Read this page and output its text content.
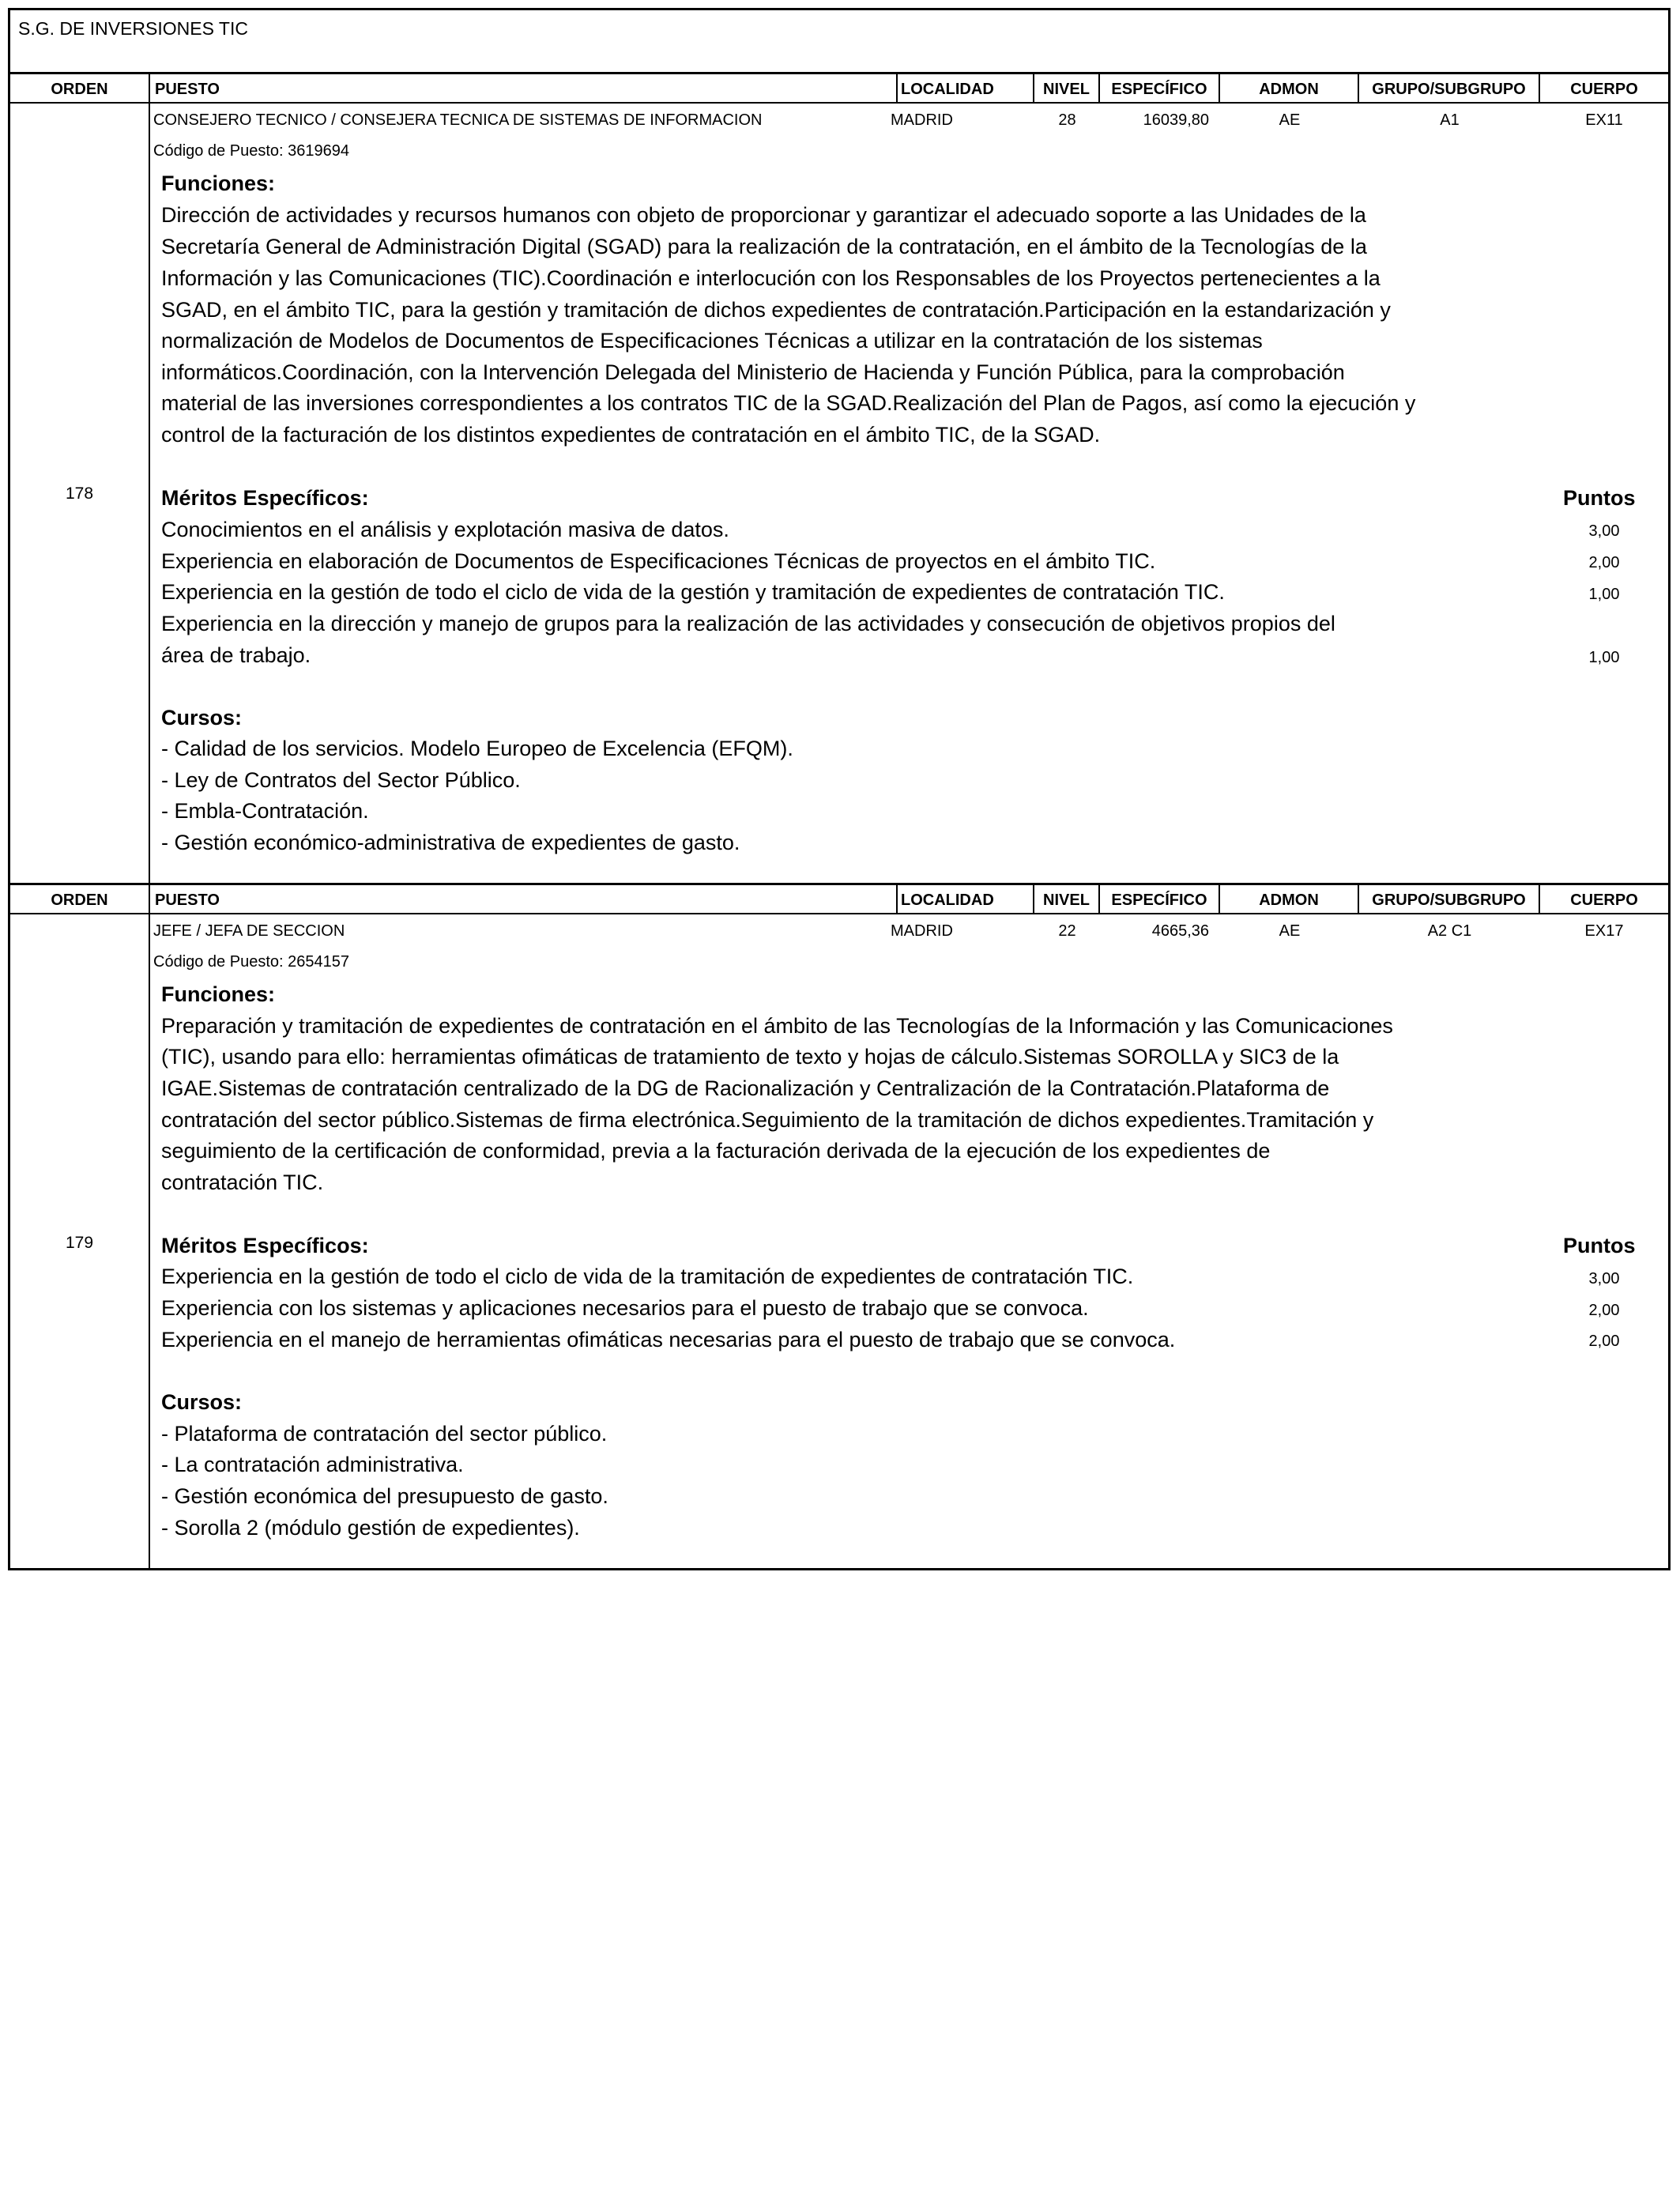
S.G. DE INVERSIONES TIC
ORDEN	PUESTO	LOCALIDAD	NIVEL	ESPECÍFICO	ADMON	GRUPO/SUBGRUPO	CUERPO
178
CONSEJERO TECNICO / CONSEJERA TECNICA DE SISTEMAS DE INFORMACION	MADRID	28	16039,80	AE	A1	EX11
Código de Puesto: 3619694
Funciones:
Dirección de actividades y recursos humanos con objeto de proporcionar y garantizar el adecuado soporte a las Unidades de la
Secretaría General de Administración Digital (SGAD) para la realización de la contratación, en el ámbito de la Tecnologías de la
Información y las Comunicaciones (TIC).Coordinación e interlocución con los Responsables de los Proyectos pertenecientes a la
SGAD, en el ámbito TIC, para la gestión y tramitación de dichos expedientes de contratación.Participación en la estandarización y
normalización de Modelos de Documentos de Especificaciones Técnicas a utilizar en la contratación de los sistemas
informáticos.Coordinación, con la Intervención Delegada del Ministerio de Hacienda y Función Pública, para la comprobación
material de las inversiones correspondientes a los contratos TIC de la SGAD.Realización del Plan de Pagos, así como la ejecución y
control de la facturación de los distintos expedientes de contratación en el ámbito TIC, de la SGAD.
Méritos Específicos:	Puntos
Conocimientos en el análisis y explotación masiva de datos.	3,00
Experiencia en elaboración de Documentos de Especificaciones Técnicas de proyectos en el ámbito TIC.	2,00
Experiencia en la gestión de todo el ciclo de vida de la gestión y tramitación de expedientes de contratación TIC.	1,00
Experiencia en la dirección y manejo de grupos para la realización de las actividades y consecución de objetivos propios del
área de trabajo.	1,00
Cursos:
- Calidad de los servicios. Modelo Europeo de Excelencia (EFQM).
- Ley de Contratos del Sector Público.
- Embla-Contratación.
- Gestión económico-administrativa de expedientes de gasto.
ORDEN	PUESTO	LOCALIDAD	NIVEL	ESPECÍFICO	ADMON	GRUPO/SUBGRUPO	CUERPO
179
JEFE / JEFA DE SECCION	MADRID	22	4665,36	AE	A2 C1	EX17
Código de Puesto: 2654157
Funciones:
Preparación y tramitación de expedientes de contratación en el ámbito de las Tecnologías de la Información y las Comunicaciones
(TIC), usando para ello: herramientas ofimáticas de tratamiento de texto y hojas de cálculo.Sistemas SOROLLA y SIC3 de la
IGAE.Sistemas de contratación centralizado de la DG de Racionalización y Centralización de la Contratación.Plataforma de
contratación del sector público.Sistemas de firma electrónica.Seguimiento de la tramitación de dichos expedientes.Tramitación y
seguimiento de la certificación de conformidad, previa a la facturación derivada de la ejecución de los expedientes de
contratación TIC.
Méritos Específicos:	Puntos
Experiencia en la gestión de todo el ciclo de vida de la tramitación de expedientes de contratación TIC.	3,00
Experiencia con los sistemas y aplicaciones necesarios para el puesto de trabajo que se convoca.	2,00
Experiencia en el manejo de herramientas ofimáticas necesarias para el puesto de trabajo que se convoca.	2,00
Cursos:
- Plataforma de contratación del sector público.
- La contratación administrativa.
- Gestión económica del presupuesto de gasto.
- Sorolla 2 (módulo gestión de expedientes).
